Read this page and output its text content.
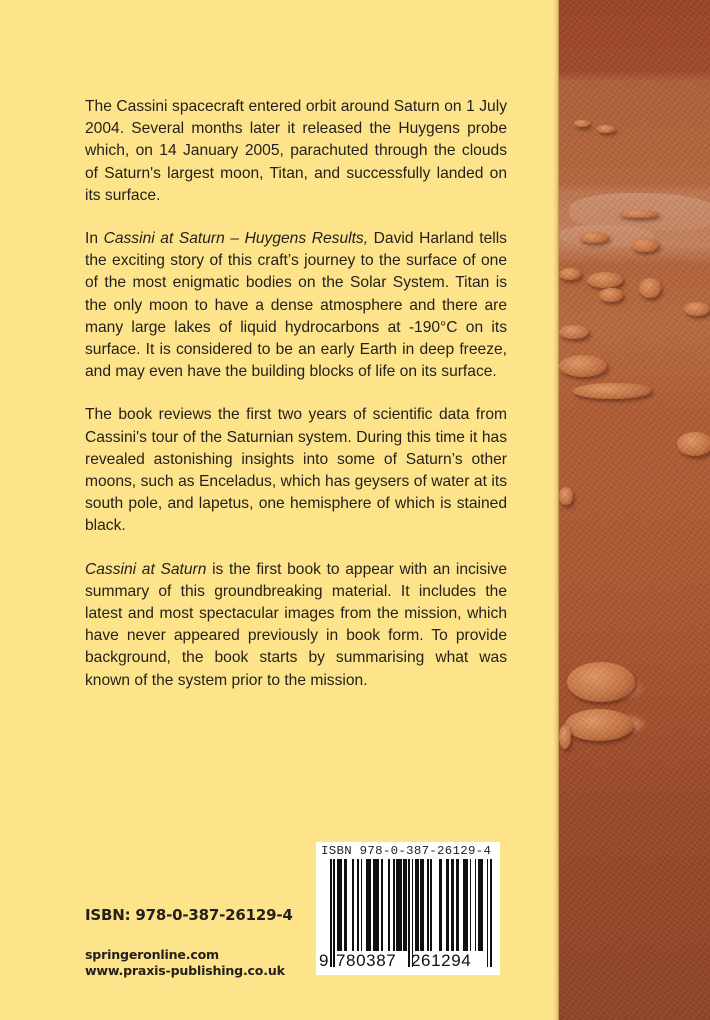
The Cassini spacecraft entered orbit around Saturn on 1 July 2004. Several months later it released the Huygens probe which, on 14 January 2005, parachuted through the clouds of Saturn's largest moon, Titan, and successfully landed on its surface.

In Cassini at Saturn – Huygens Results, David Harland tells the exciting story of this craft’s journey to the surface of one of the most enigmatic bodies on the Solar System. Titan is the only moon to have a dense atmosphere and there are many large lakes of liquid hydrocarbons at -190°C on its surface. It is considered to be an early Earth in deep freeze, and may even have the building blocks of life on its surface.

The book reviews the first two years of scientific data from Cassini's tour of the Saturnian system. During this time it has revealed astonishing insights into some of Saturn’s other moons, such as Enceladus, which has geysers of water at its south pole, and lapetus, one hemisphere of which is stained black.

Cassini at Saturn is the first book to appear with an incisive summary of this groundbreaking material. It includes the latest and most spectacular images from the mission, which have never appeared previously in book form. To provide background, the book starts by summarising what was known of the system prior to the mission.

ISBN: 978-0-387-26129-4
springeronline.com
www.praxis-publishing.co.uk
ISBN 978-0-387-26129-4
9 780387 261294
